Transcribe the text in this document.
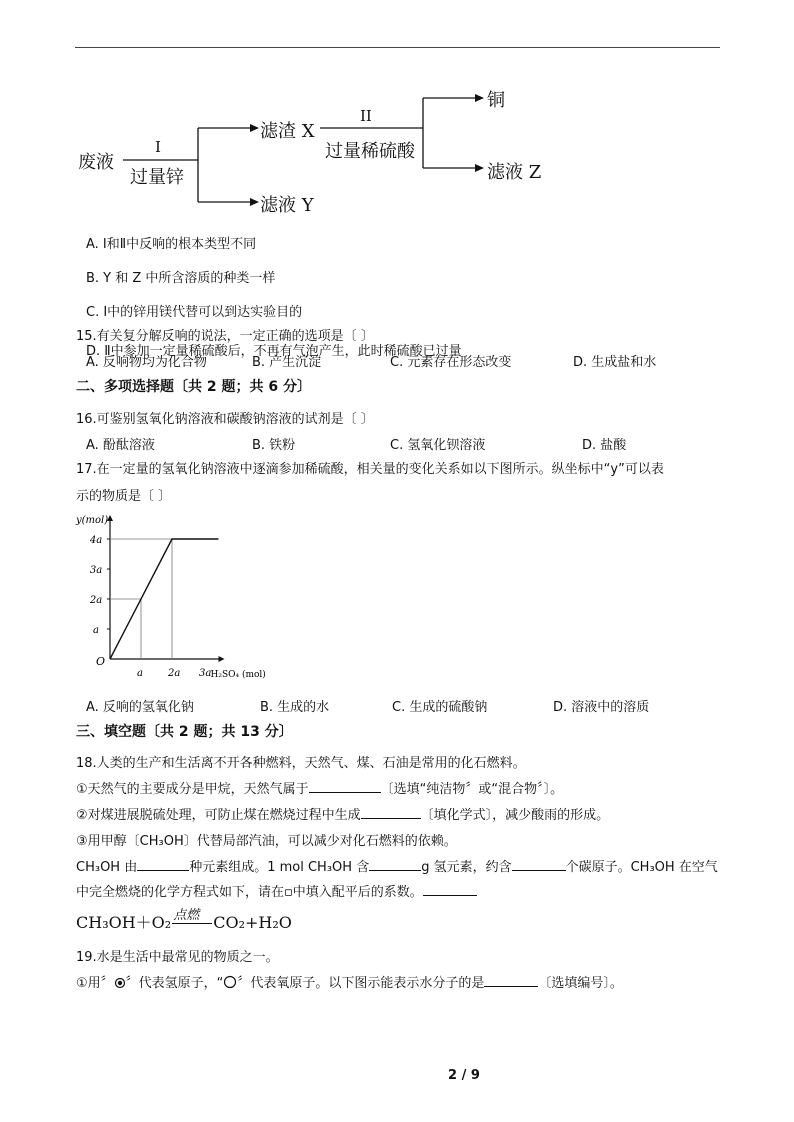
废液
I
过量锌
滤渣 X
滤液 Y
II
过量稀硫酸
铜
滤液 Z
A. Ⅰ和Ⅱ中反响的根本类型不同
B. Y 和 Z 中所含溶质的种类一样
C. Ⅰ中的锌用镁代替可以到达实验目的
D. Ⅱ中参加一定量稀硫酸后，不再有气泡产生，此时稀硫酸已过量
15.有关复分解反响的说法，一定正确的选项是〔 〕
A. 反响物均为化合物	B. 产生沉淀	C. 元素存在形态改变	D. 生成盐和水
二、多项选择题〔共 2 题；共 6 分〕
16.可鉴别氢氧化钠溶液和碳酸钠溶液的试剂是〔 〕
A. 酚酞溶液	B. 铁粉	C. 氢氧化钡溶液	D. 盐酸
17.在一定量的氢氧化钠溶液中逐滴参加稀硫酸，相关量的变化关系如以下图所示。纵坐标中“y”可以表
示的物质是〔 〕
y(mol)
H₂SO₄ (mol)
O
a	2a 3a
a
2a
3a
4a
A. 反响的氢氧化钠	B. 生成的水	C. 生成的硫酸钠	D. 溶液中的溶质
三、填空题〔共 2 题；共 13 分〕
18.人类的生产和生活离不开各种燃料，天然气、煤、石油是常用的化石燃料。
①天然气的主要成分是甲烷，天然气属于	〔选填“纯洁物〞或“混合物〞〕。
②对煤进展脱硫处理，可防止煤在燃烧过程中生成	〔填化学式〕，减少酸雨的形成。
③用甲醇〔CH₃OH〕代替局部汽油，可以减少对化石燃料的依赖。
CH₃OH 由	种元素组成。1 mol CH₃OH 含	g 氢元素，约含	个碳原子。CH₃OH 在空气
中完全燃烧的化学方程式如下，请在▫中填入配平后的系数。
CH₃OH＋O₂ 点燃 CO₂+H₂O
19.水是生活中最常见的物质之一。
①用〞 〞代表氢原子，“ 〞代表氧原子。以下图示能表示水分子的是	〔选填编号〕。
2 / 9
